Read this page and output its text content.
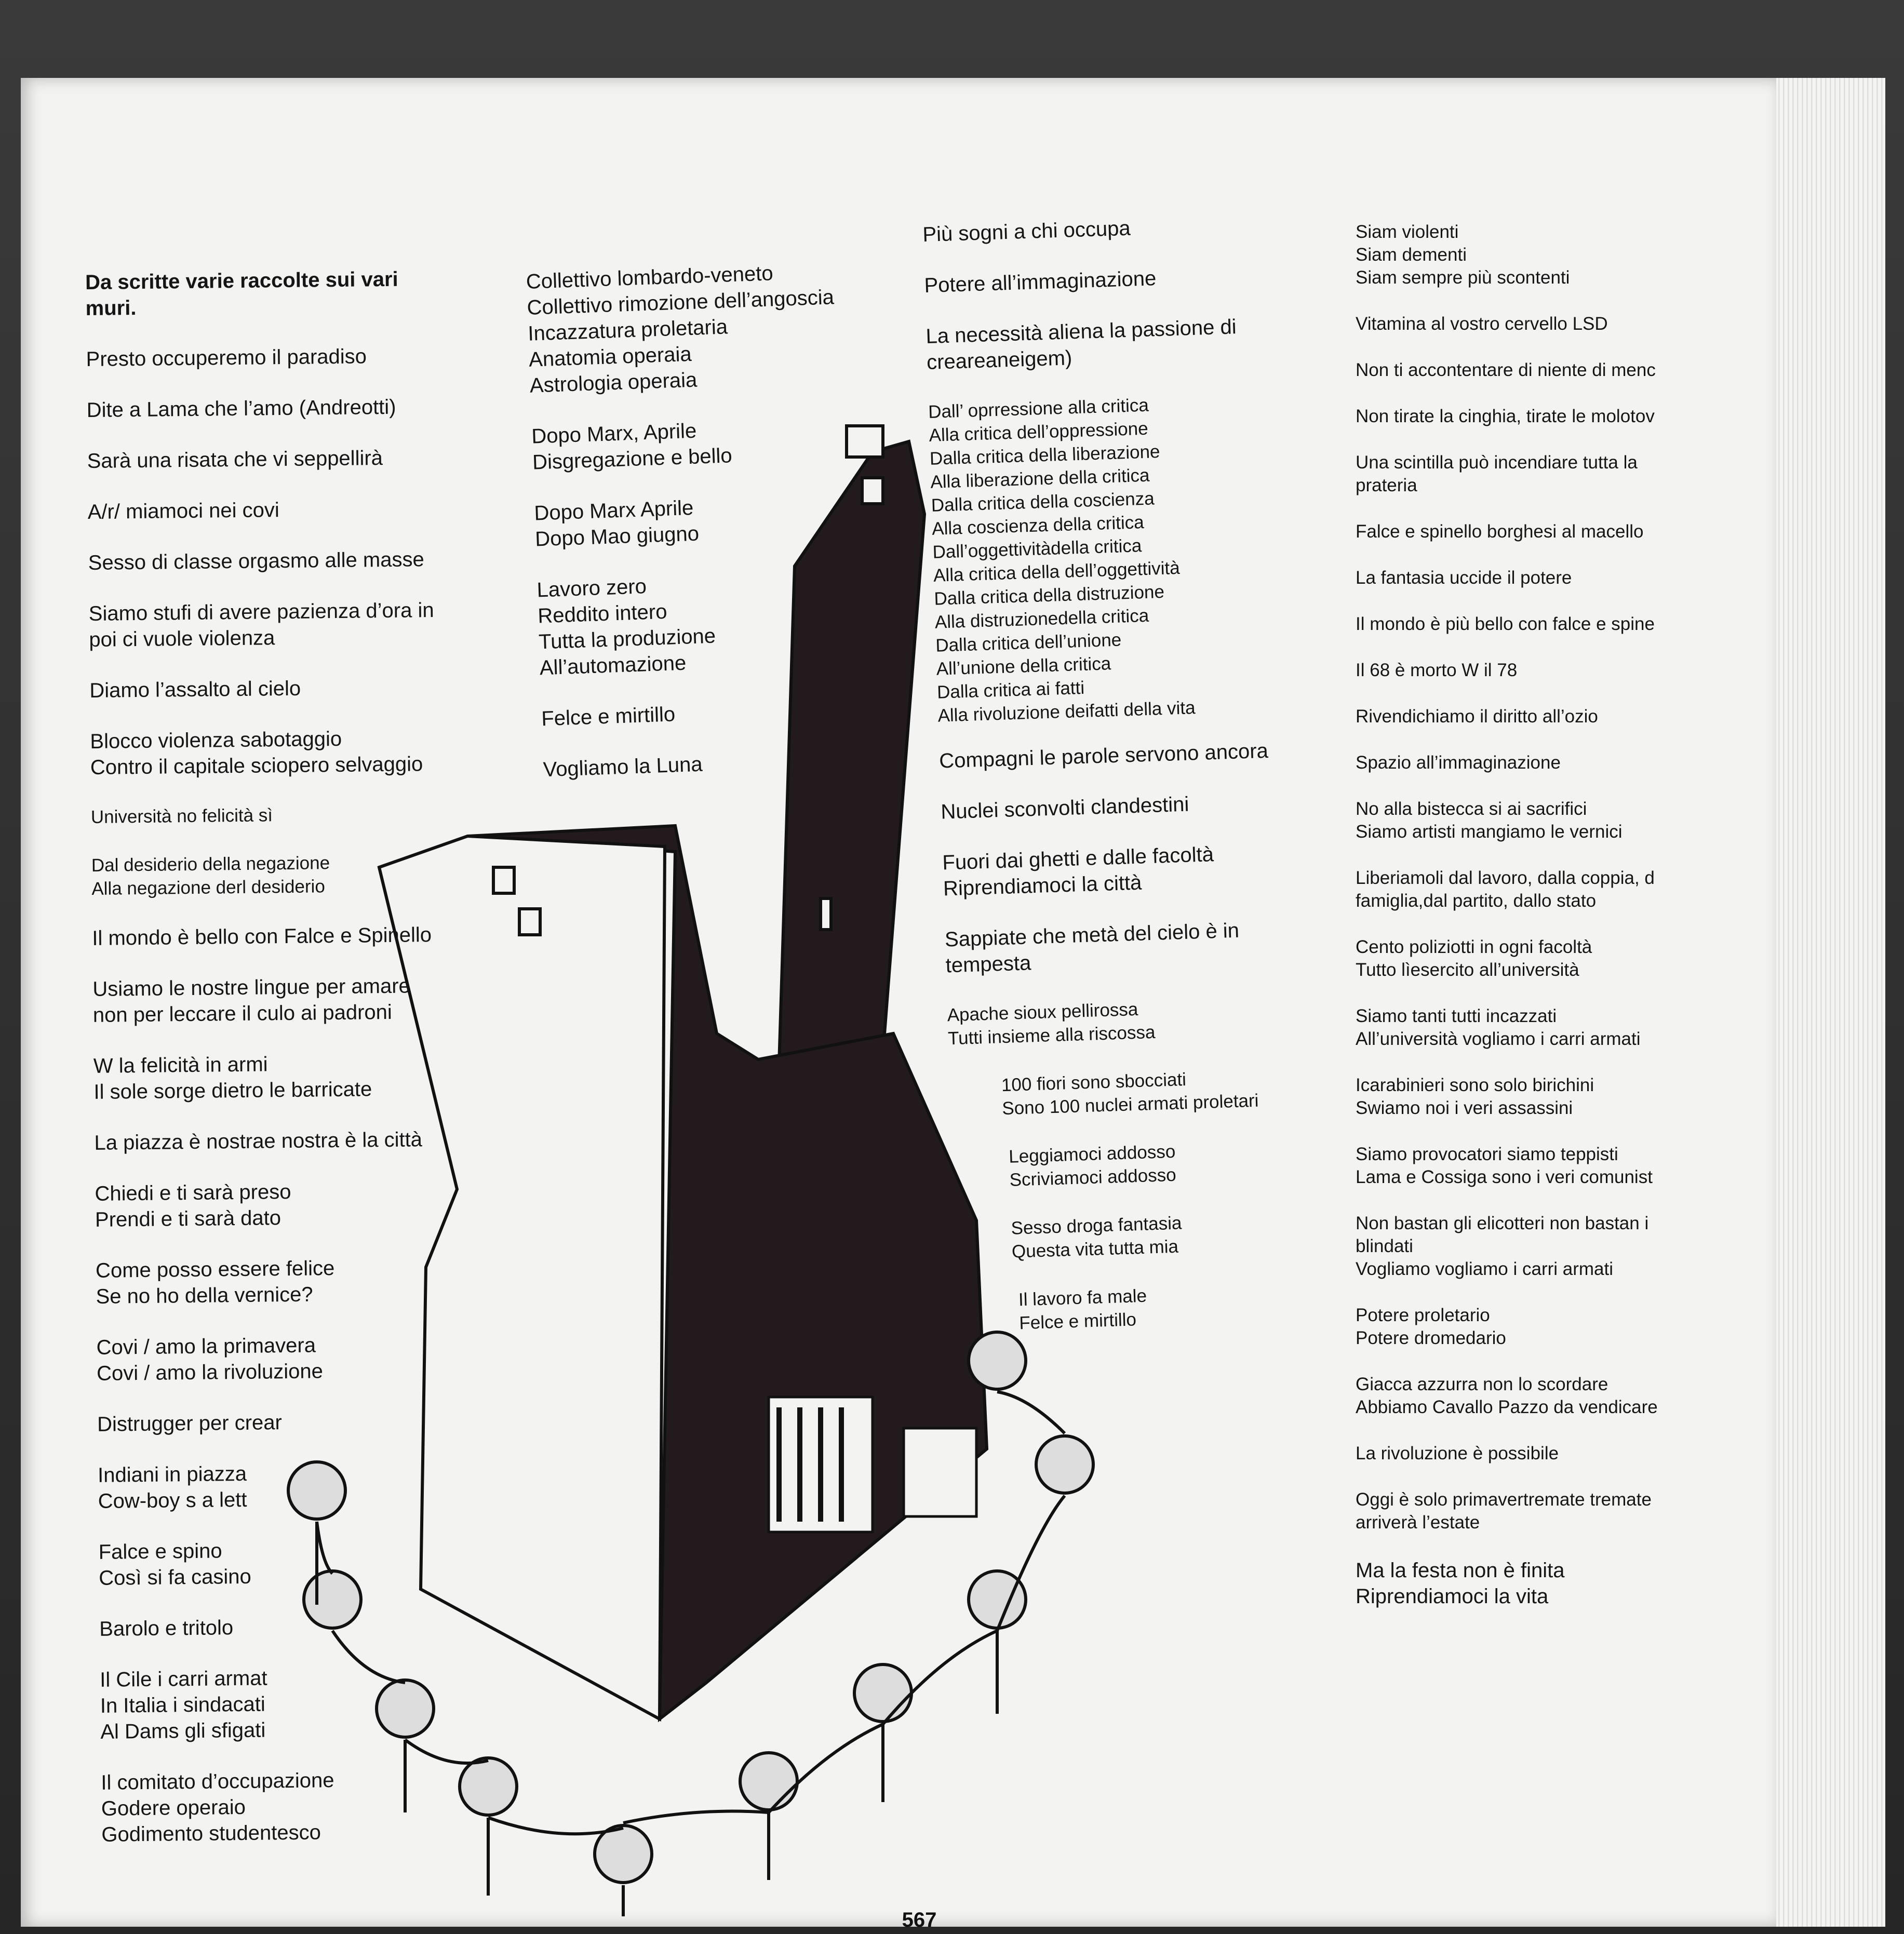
Da scritte varie raccolte sui vari
muri.

Presto occuperemo il paradiso

Dite a Lama che l’amo (Andreotti)

Sarà una risata che vi seppellirà

A/r/ miamoci nei covi

Sesso di classe orgasmo alle masse

Siamo stufi di avere pazienza d’ora in
poi ci vuole violenza

Diamo l’assalto al cielo

Blocco violenza sabotaggio
Contro il capitale sciopero selvaggio

Università no felicità sì

Dal desiderio della negazione
Alla negazione derl desiderio

Il mondo è bello con Falce e Spinello

Usiamo le nostre lingue per amare
non per leccare il culo ai padroni

W la felicità in armi
Il sole sorge dietro le barricate

La piazza è nostrae nostra è la città

Chiedi e ti sarà preso
Prendi e ti sarà dato

Come posso essere felice
Se no ho della vernice?

Covi / amo la primavera
Covi / amo la rivoluzione

Distrugger per crear

Indiani in piazza
Cow-boy s a lett

Falce e spino
Così si fa casino

Barolo e tritolo

Il Cile i carri armat
In Italia i sindacati
Al Dams gli sfigati

Il comitato d’occupazione
Godere operaio
Godimento studentesco

Collettivo lombardo-veneto
Collettivo rimozione dell’angoscia
Incazzatura proletaria
Anatomia operaia
Astrologia operaia

Dopo Marx, Aprile
Disgregazione e bello

Dopo Marx Aprile
Dopo Mao giugno

Lavoro zero
Reddito intero
Tutta la produzione
All’automazione

Felce e mirtillo

Vogliamo la Luna

Più sogni a chi occupa

Potere all’immaginazione

La necessità aliena la passione di
creareaneigem)

Dall’ oprressione alla critica
Alla critica dell’oppressione
Dalla critica della liberazione
Alla liberazione della critica
Dalla critica della coscienza
Alla coscienza della critica
Dall’oggettivitàdella critica
Alla critica della dell’oggettività
Dalla critica della distruzione
Alla distruzionedella critica
Dalla critica dell’unione
All’unione della critica
Dalla critica ai fatti
Alla rivoluzione deifatti della vita

Compagni le parole servono ancora

Nuclei sconvolti clandestini

Fuori dai ghetti e dalle facoltà
Riprendiamoci la città

Sappiate che metà del cielo è in
tempesta

Apache sioux pellirossa
Tutti insieme alla riscossa

100 fiori sono sbocciati
Sono 100 nuclei armati proletari

Leggiamoci addosso
Scriviamoci addosso

Sesso droga fantasia
Questa vita tutta mia

Il lavoro fa male
Felce e mirtillo

Siam violenti
Siam dementi
Siam sempre più scontenti

Vitamina al vostro cervello LSD

Non ti accontentare di niente di menc

Non tirate la cinghia, tirate le molotov

Una scintilla può incendiare tutta la
prateria

Falce e spinello borghesi al macello

La fantasia uccide il potere

Il mondo è più bello con falce e spine

Il 68 è morto W il 78

Rivendichiamo il diritto all’ozio

Spazio all’immaginazione

No alla bistecca si ai sacrifici
Siamo artisti mangiamo le vernici

Liberiamoli dal lavoro, dalla coppia, d
famiglia,dal partito, dallo stato

Cento poliziotti in ogni facoltà
Tutto lìesercito all’università

Siamo tanti tutti incazzati
All’università vogliamo i carri armati

Icarabinieri sono solo birichini
Swiamo noi i veri assassini

Siamo provocatori siamo teppisti
Lama e Cossiga sono i veri comunist

Non bastan gli elicotteri non bastan i
blindati
Vogliamo vogliamo i carri armati

Potere proletario
Potere dromedario

Giacca azzurra non lo scordare
Abbiamo Cavallo Pazzo da vendicare

La rivoluzione è possibile

Oggi è solo primavertremate tremate
arriverà l’estate

Ma la festa non è finita
Riprendiamoci la vita

567
